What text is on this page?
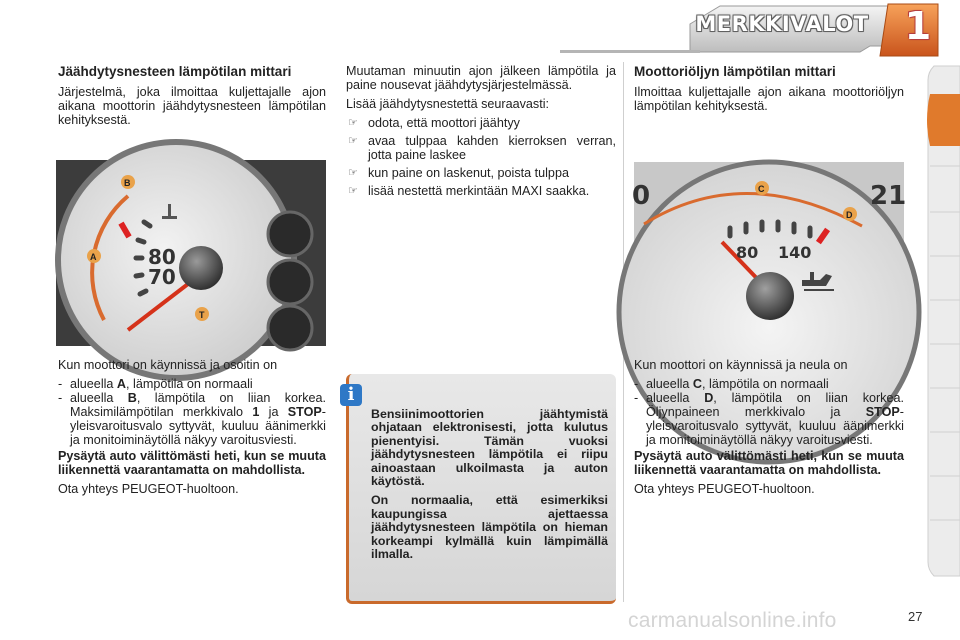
MERKKIVALOT 1
Jäähdytysnesteen lämpötilan mittari

Järjestelmä, joka ilmoittaa kuljettajalle ajon aikana moottorin jäähdytysnesteen lämpötilan kehityksestä.

80
70
B
A
T

Kun moottori on käynnissä ja osoitin on

- alueella A, lämpötila on normaali
- alueella B, lämpötila on liian korkea. Maksimilämpötilan merkkivalo 1 ja STOP-yleisvaroitusvalo syttyvät, kuuluu äänimerkki ja monitoiminäytöllä näkyy varoitusviesti.

Pysäytä auto välittömästi heti, kun se muuta liikennettä vaarantamatta on mahdollista.

Ota yhteys PEUGEOT-huoltoon.

Muutaman minuutin ajon jälkeen lämpötila ja paine nousevat jäähdytysjärjestelmässä.

Lisää jäähdytysnestettä seuraavasti:

☞ odota, että moottori jäähtyy
☞ avaa tulppaa kahden kierroksen verran, jotta paine laskee
☞ kun paine on laskenut, poista tulppa
☞ lisää nestettä merkintään MAXI saakka.

Bensiinimoottorien jäähtymistä ohjataan elektronisesti, jotta kulutus pienentyisi. Tämän vuoksi jäähdytysnesteen lämpötila ei riipu ainoastaan ulkoilmasta ja auton käytöstä.

On normaalia, että esimerkiksi kaupungissa ajettaessa jäähdytysnesteen lämpötila on hieman korkeampi kylmällä kuin lämpimällä ilmalla.

i
Moottoriöljyn lämpötilan mittari

Ilmoittaa kuljettajalle ajon aikana moottoriöljyn lämpötilan kehityksestä.

80 140
0	21
C
D

Kun moottori on käynnissä ja neula on

- alueella C, lämpötila on normaali
- alueella D, lämpötila on liian korkea. Öljynpaineen merkkivalo ja STOP-yleisvaroitusvalo syttyvät, kuuluu äänimerkki ja monitoiminäytöllä näkyy varoitusviesti.

Pysäytä auto välittömästi heti, kun se muuta liikennettä vaarantamatta on mahdollista.

Ota yhteys PEUGEOT-huoltoon.

carmanualsonline.info	27
